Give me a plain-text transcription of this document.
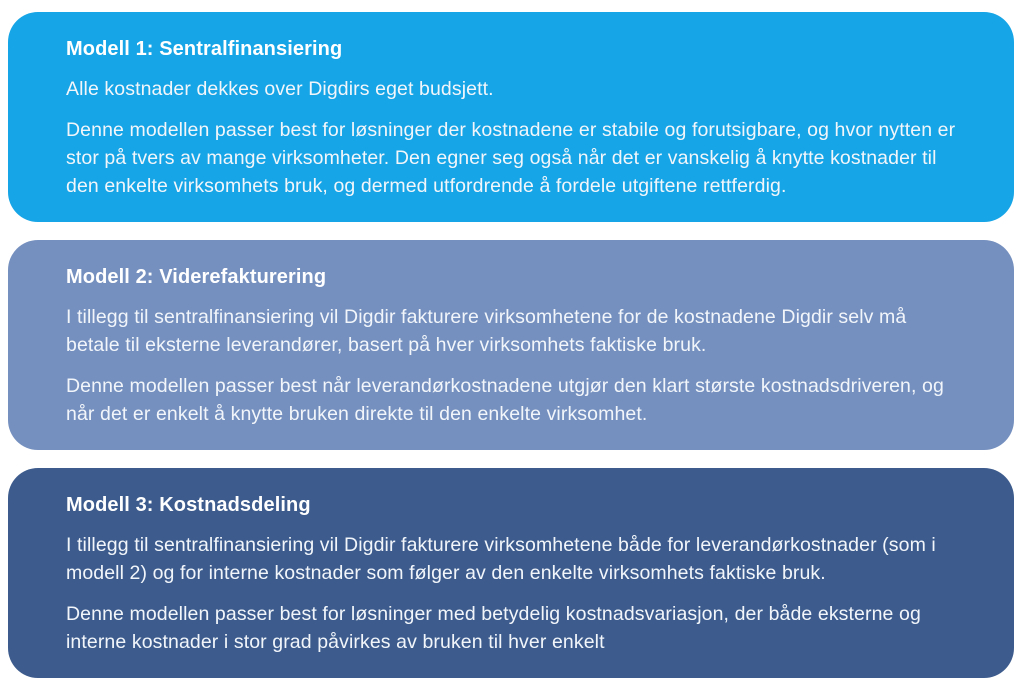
Modell 1: Sentralfinansiering

Alle kostnader dekkes over Digdirs eget budsjett.

Denne modellen passer best for løsninger der kostnadene er stabile og forutsigbare, og hvor nytten er stor på tvers av mange virksomheter. Den egner seg også når det er vanskelig å knytte kostnader til den enkelte virksomhets bruk, og dermed utfordrende å fordele utgiftene rettferdig.

Modell 2: Viderefakturering

I tillegg til sentralfinansiering vil Digdir fakturere virksomhetene for de kostnadene Digdir selv må betale til eksterne leverandører, basert på hver virksomhets faktiske bruk.

Denne modellen passer best når leverandørkostnadene utgjør den klart største kostnadsdriveren, og når det er enkelt å knytte bruken direkte til den enkelte virksomhet.

Modell 3: Kostnadsdeling

I tillegg til sentralfinansiering vil Digdir fakturere virksomhetene både for leverandørkostnader (som i modell 2) og for interne kostnader som følger av den enkelte virksomhets faktiske bruk.

Denne modellen passer best for løsninger med betydelig kostnadsvariasjon, der både eksterne og interne kostnader i stor grad påvirkes av bruken til hver enkelt
